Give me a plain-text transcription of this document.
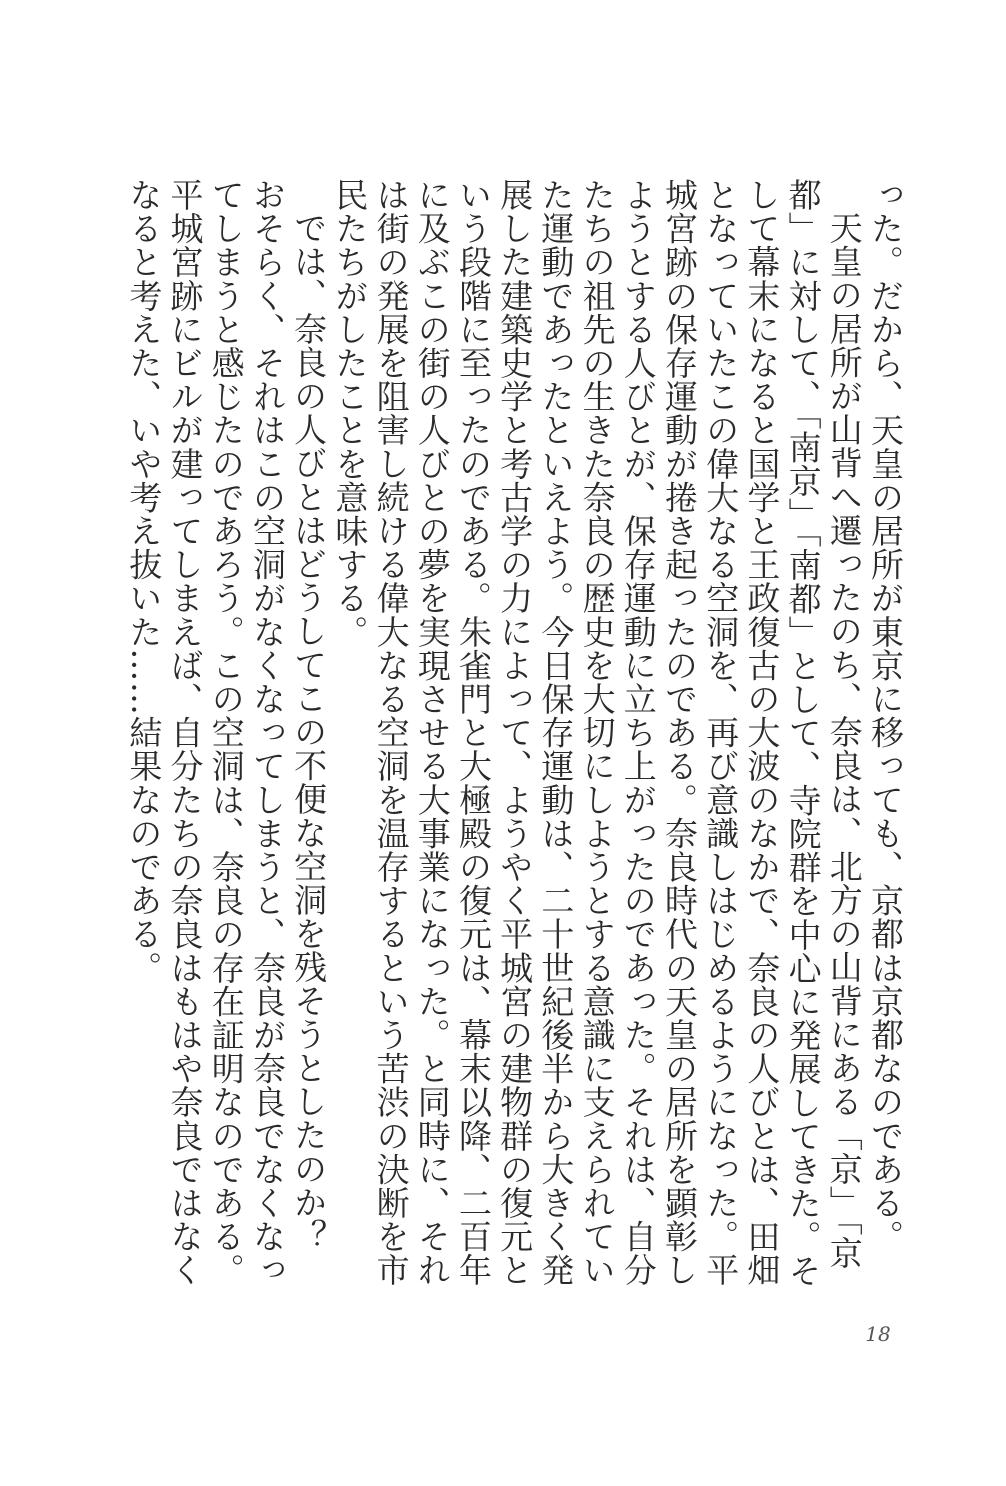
った。だから、天皇の居所が東京に移っても、京都は京都なのである。

天皇の居所が山背へ遷ったのち、奈良は、北方の山背にある「京」「京都」に対して、「南京」「南都」として、寺院群を中心に発展してきた。そして幕末になると国学と王政復古の大波のなかで、奈良の人びとは、田畑となっていたこの偉大なる空洞を、再び意識しはじめるようになった。平城宮跡の保存運動が捲き起ったのである。奈良時代の天皇の居所を顕彰しようとする人びとが、保存運動に立ち上がったのであった。それは、自分たちの祖先の生きた奈良の歴史を大切にしようとする意識に支えられていた運動であったといえよう。今日保存運動は、二十世紀後半から大きく発展した建築史学と考古学の力によって、ようやく平城宮の建物群の復元という段階に至ったのである。朱雀門と大極殿の復元は、幕末以降、二百年に及ぶこの街の人びとの夢を実現させる大事業になった。と同時に、それは街の発展を阻害し続ける偉大なる空洞を温存するという苦渋の決断を市民たちがしたことを意味する。

では、奈良の人びとはどうしてこの不便な空洞を残そうとしたのか？　おそらく、それはこの空洞がなくなってしまうと、奈良が奈良でなくなってしまうと感じたのであろう。この空洞は、奈良の存在証明なのである。平城宮跡にビルが建ってしまえば、自分たちの奈良はもはや奈良ではなくなると考えた、いや考え抜いた……結果なのである。

18
